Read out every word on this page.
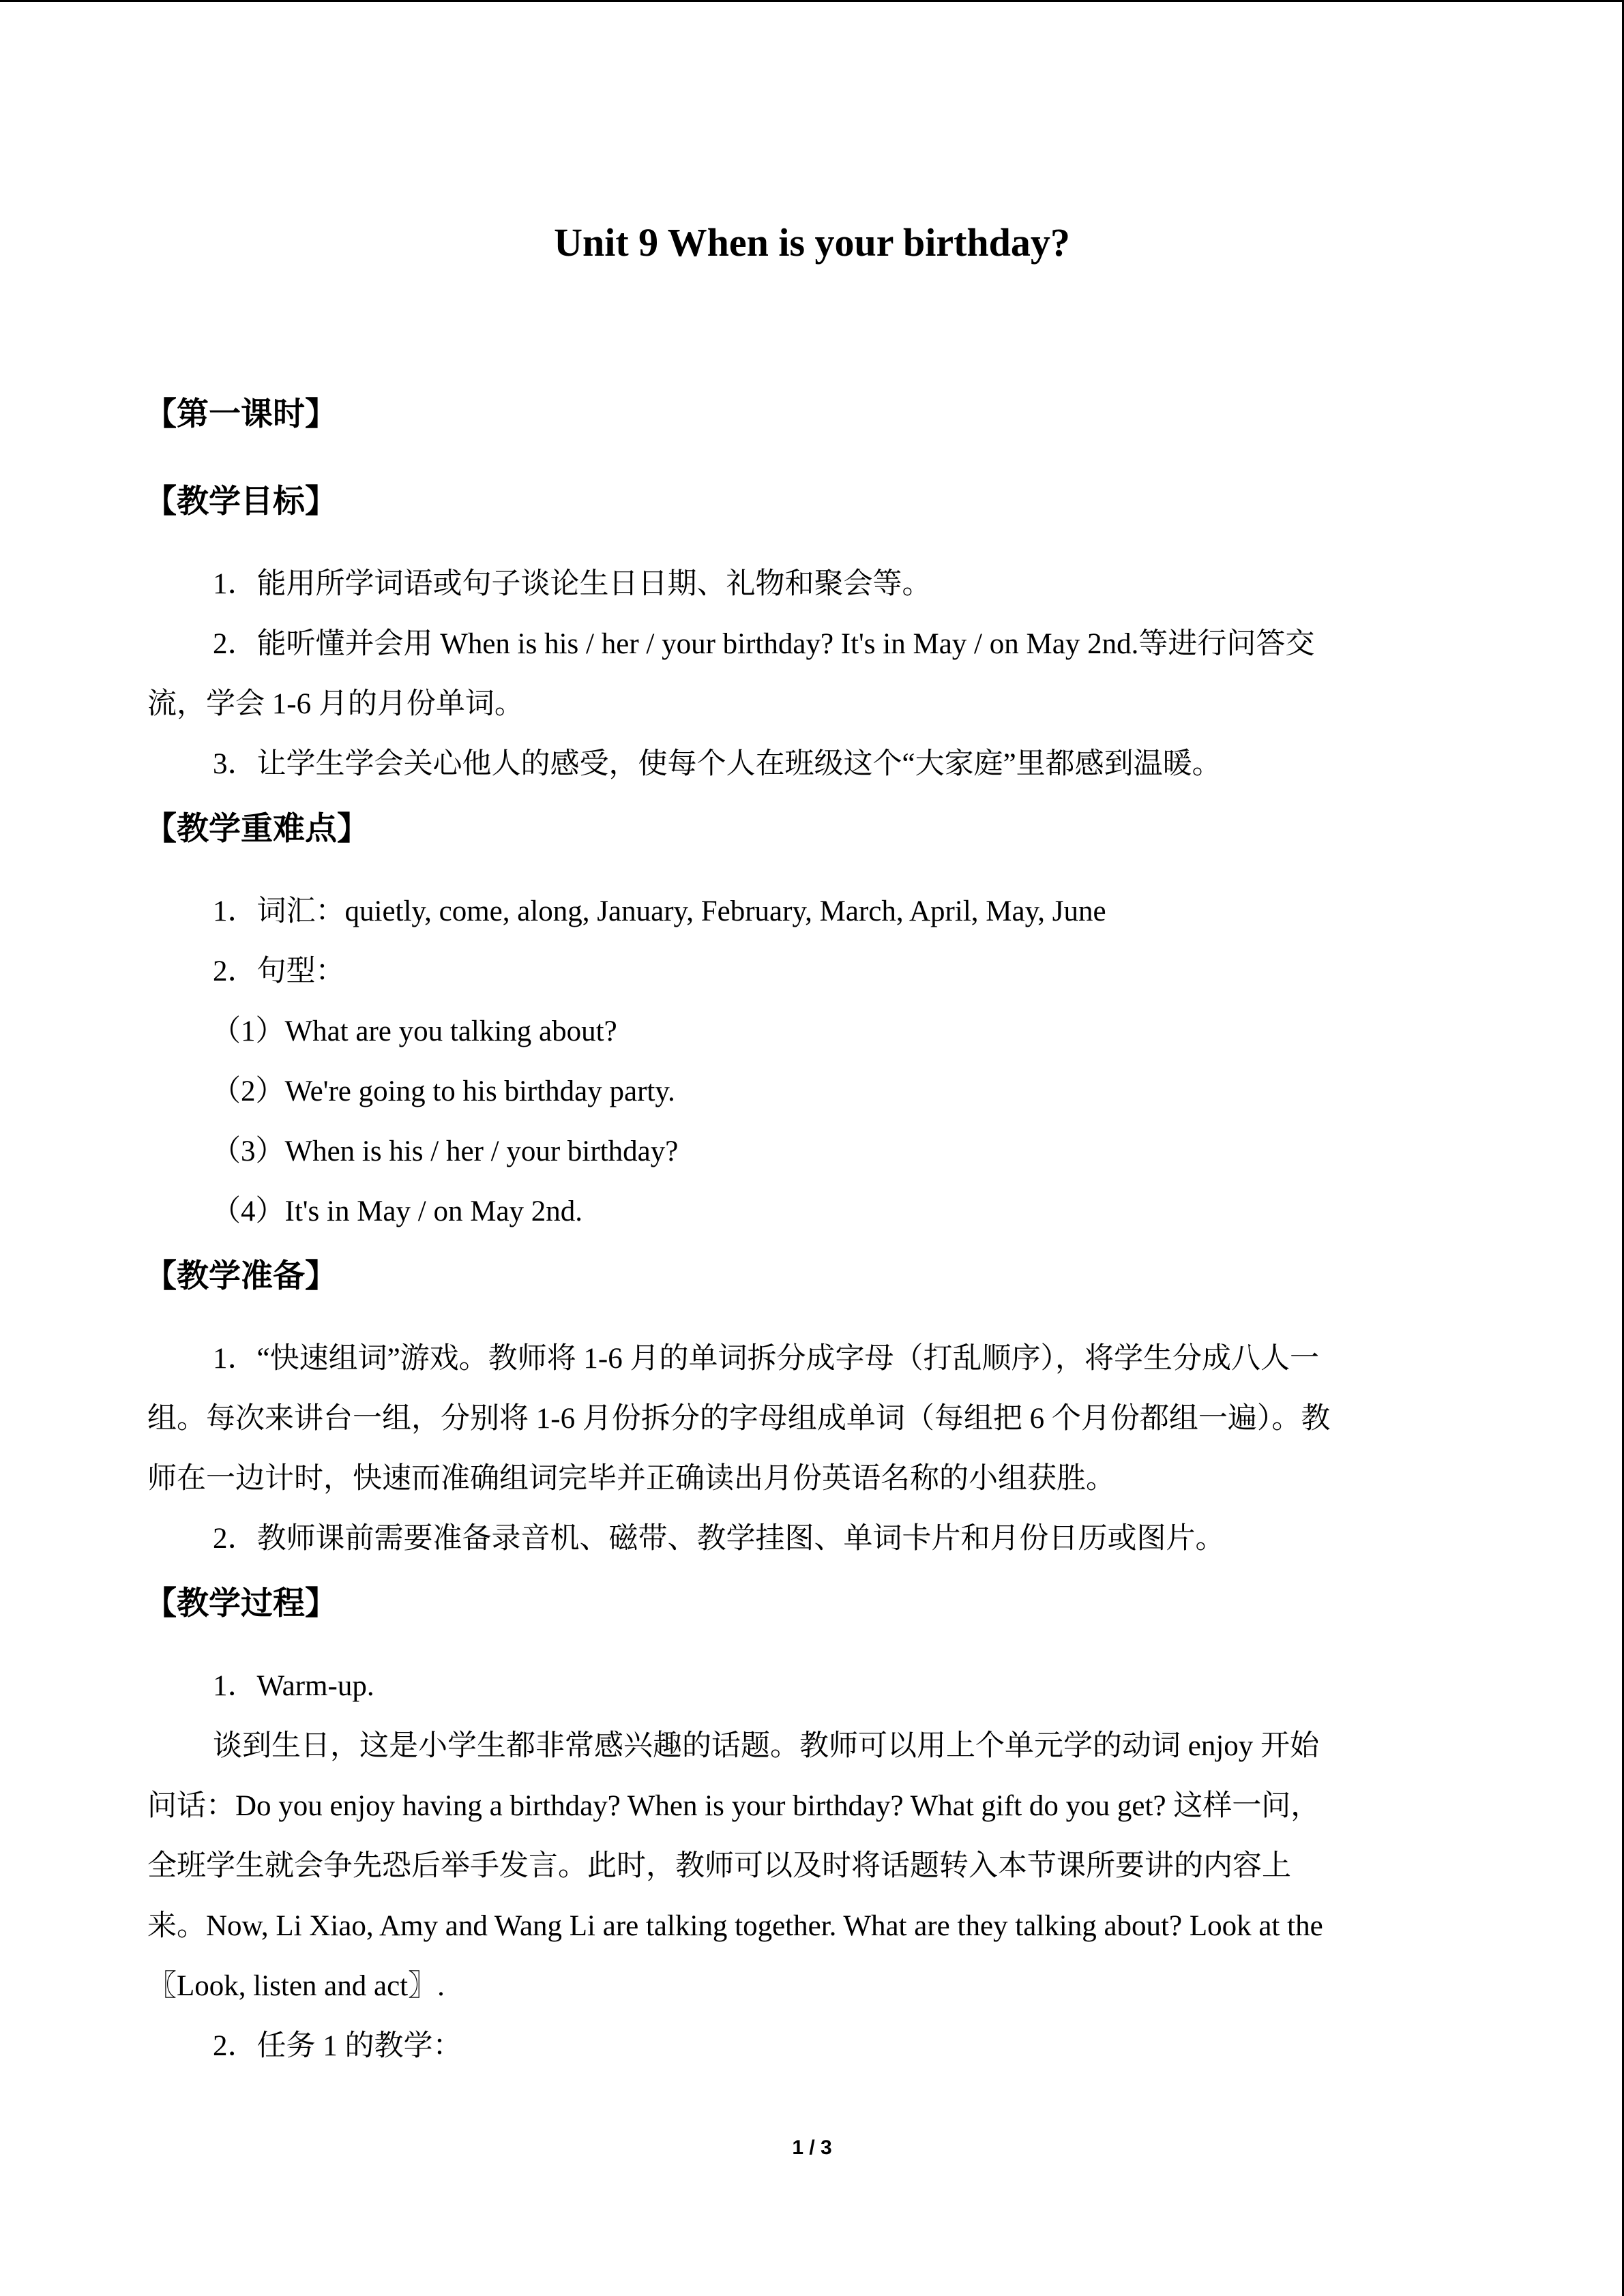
Unit 9 When is your birthday?
【第一课时】
【教学目标】
1．能用所学词语或句子谈论生日日期、礼物和聚会等。
2．能听懂并会用 When is his / her / your birthday? It's in May / on May 2nd.等进行问答交
流，学会 1-6 月的月份单词。
3．让学生学会关心他人的感受，使每个人在班级这个“大家庭”里都感到温暖。
【教学重难点】
1．词汇：quietly, come, along, January, February, March, April, May, June
2．句型：
（1）What are you talking about?
（2）We're going to his birthday party.
（3）When is his / her / your birthday?
（4）It's in May / on May 2nd.
【教学准备】
1．“快速组词”游戏。教师将 1-6 月的单词拆分成字母（打乱顺序），将学生分成八人一
组。每次来讲台一组，分别将 1-6 月份拆分的字母组成单词（每组把 6 个月份都组一遍）。教
师在一边计时，快速而准确组词完毕并正确读出月份英语名称的小组获胜。
2．教师课前需要准备录音机、磁带、教学挂图、单词卡片和月份日历或图片。
【教学过程】
1．Warm-up.
谈到生日，这是小学生都非常感兴趣的话题。教师可以用上个单元学的动词 enjoy 开始
问话：Do you enjoy having a birthday? When is your birthday? What gift do you get? 这样一问，
全班学生就会争先恐后举手发言。此时，教师可以及时将话题转入本节课所要讲的内容上
来。Now, Li Xiao, Amy and Wang Li are talking together. What are they talking about? Look at the
〖Look, listen and act〗.
2．任务 1 的教学：
1 / 3
